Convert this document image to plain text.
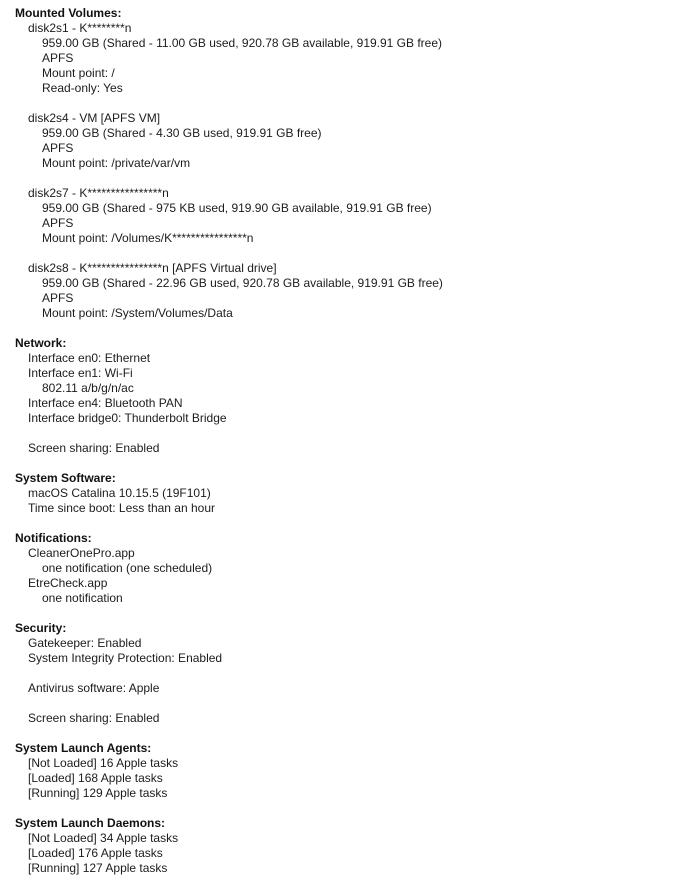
Mounted Volumes:
disk2s1 - K********n
959.00 GB (Shared - 11.00 GB used, 920.78 GB available, 919.91 GB free)
APFS
Mount point: /
Read-only: Yes
disk2s4 - VM [APFS VM]
959.00 GB (Shared - 4.30 GB used, 919.91 GB free)
APFS
Mount point: /private/var/vm
disk2s7 - K****************n
959.00 GB (Shared - 975 KB used, 919.90 GB available, 919.91 GB free)
APFS
Mount point: /Volumes/K****************n
disk2s8 - K****************n [APFS Virtual drive]
959.00 GB (Shared - 22.96 GB used, 920.78 GB available, 919.91 GB free)
APFS
Mount point: /System/Volumes/Data
Network:
Interface en0: Ethernet
Interface en1: Wi-Fi
802.11 a/b/g/n/ac
Interface en4: Bluetooth PAN
Interface bridge0: Thunderbolt Bridge
Screen sharing: Enabled
System Software:
macOS Catalina 10.15.5 (19F101)
Time since boot: Less than an hour
Notifications:
CleanerOnePro.app
one notification (one scheduled)
EtreCheck.app
one notification
Security:
Gatekeeper: Enabled
System Integrity Protection: Enabled
Antivirus software: Apple
Screen sharing: Enabled
System Launch Agents:
[Not Loaded] 16 Apple tasks
[Loaded] 168 Apple tasks
[Running] 129 Apple tasks
System Launch Daemons:
[Not Loaded] 34 Apple tasks
[Loaded] 176 Apple tasks
[Running] 127 Apple tasks
